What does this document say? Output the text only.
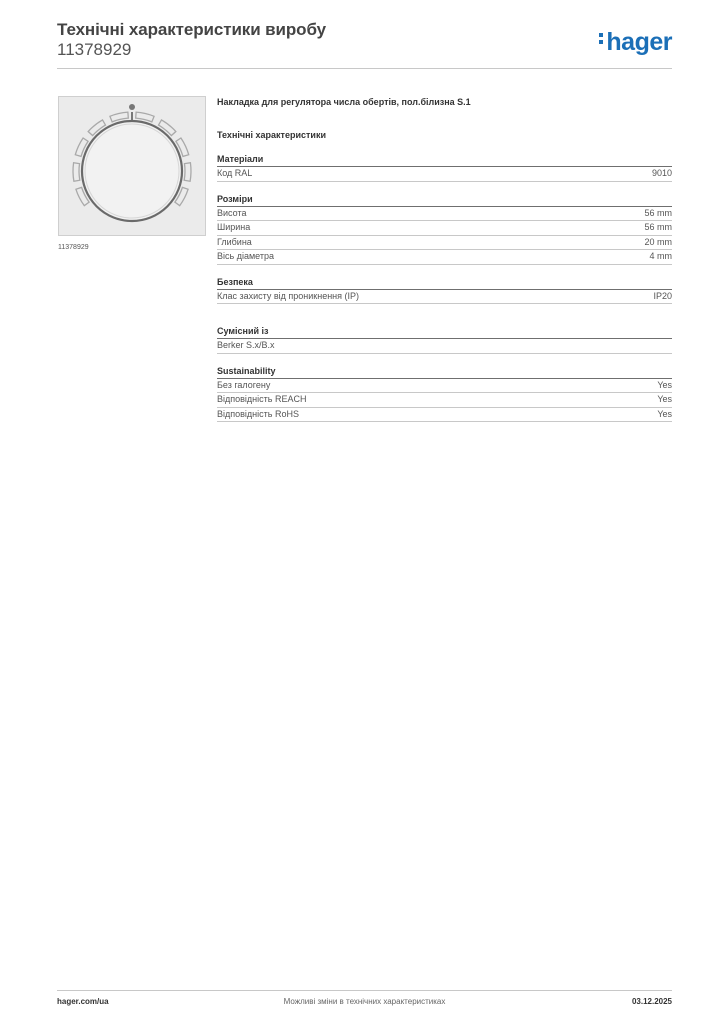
Технічні характеристики виробу
11378929	hager
11378929
Накладка для регулятора числа обертів, пол.білизна S.1
Технічні характеристики
Матеріали
Код RAL	9010
Розміри
Висота	56 mm
Ширина	56 mm
Глибина	20 mm
Вісь діаметра	4 mm
Безпека
Клас захисту від проникнення (IP)	IP20
Сумісний із
Berker S.x/B.x
Sustainability
Без галогену	Yes
Відповідність REACH	Yes
Відповідність RoHS	Yes
hager.com/ua	Можливі зміни в технічних характеристиках	03.12.2025
